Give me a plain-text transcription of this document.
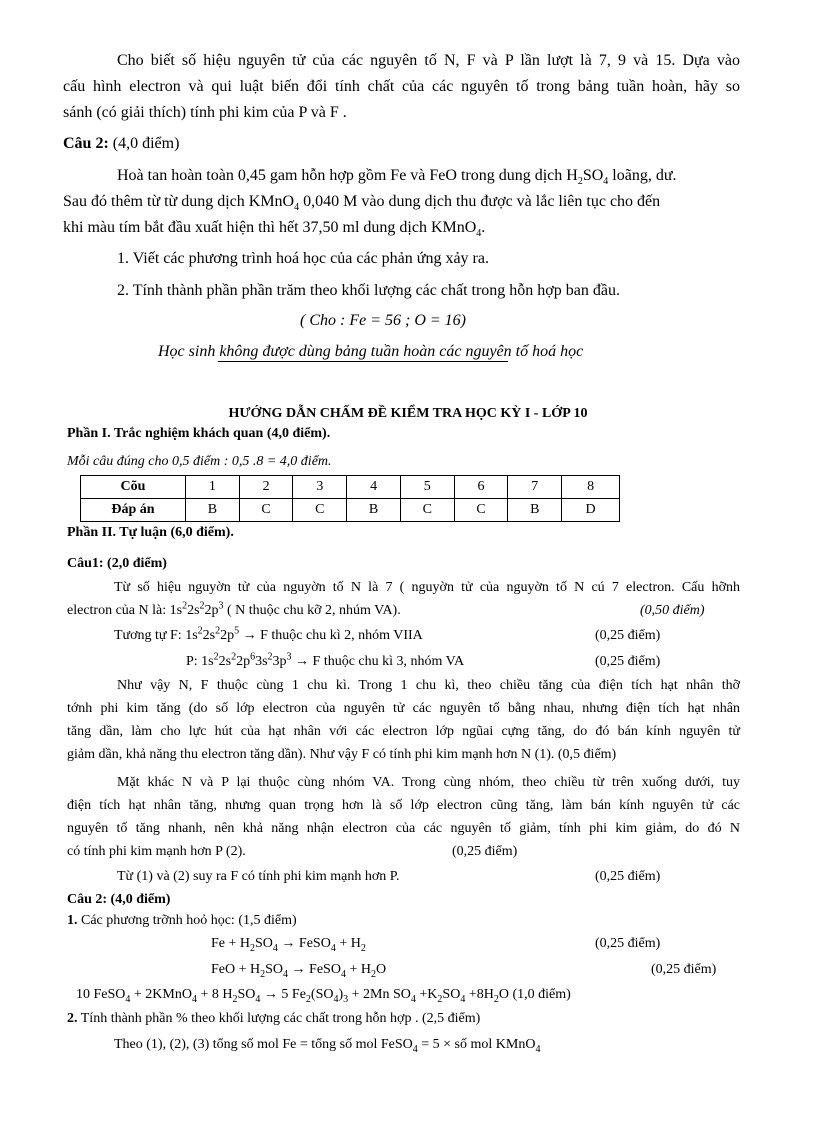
Cho biết số hiệu nguyên tử của các nguyên tố N, F và P lần lượt là 7, 9 và 15. Dựa vào
cấu hình electron và qui luật biến đổi tính chất của các nguyên tố trong bảng tuần hoàn, hãy so
sánh (có giải thích) tính phi kim của P và F .
Câu 2: (4,0 điểm)
Hoà tan hoàn toàn 0,45 gam hỗn hợp gồm Fe và FeO trong dung dịch $H_2SO_4$ loãng, dư.
Sau đó thêm từ từ dung dịch KMnO$_4$ 0,040 M vào dung dịch thu được và lắc liên tục cho đến
khi màu tím bắt đầu xuất hiện thì hết 37,50 ml dung dịch KMnO$_4$.
1. Viết các phương trình hoá học của các phản ứng xảy ra.
2. Tính thành phần phần trăm theo khối lượng các chất trong hỗn hợp ban đầu.
( Cho : Fe = 56 ; O = 16)
Học sinh không được dùng bảng tuần hoàn các nguyên tố hoá học
HƯỚNG DẪN CHẤM ĐỀ KIỂM TRA HỌC KỲ I - LỚP 10
Phần I. Trắc nghiệm khách quan (4,0 điểm).
Mỗi câu đúng cho 0,5 điểm : 0,5 .8 = 4,0 điểm.
Cõu	1	2	3	4	5	6	7	8
Đáp án	B	C	C	B	C	C	B	D
Phần II. Tự luận (6,0 điểm).
Câu1: (2,0 điểm)
Từ số hiệu nguyờn tử của nguyờn tố N là 7 ( nguyờn tử của nguyờn tố N cú 7 electron. Cấu hỡnh
electron của N là: $1s^22s^22p^3$ ( N thuộc chu kỡ 2, nhúm VA).	(0,50 điểm)
Tương tự F: $1s^22s^22p^5 \to F$ thuộc chu kì 2, nhóm VIIA	(0,25 điểm)
P: $1s^22s^22p^63s^23p^3 \to F$ thuộc chu kì 3, nhóm VA	(0,25 điểm)
Như vậy N, F thuộc cùng 1 chu kì. Trong 1 chu kì, theo chiều tăng của điện tích hạt nhân thỡ
tớnh phi kim tăng (do số lớp electron của nguyên tử các nguyên tố bằng nhau, nhưng điện tích hạt nhân
tăng dần, làm cho lực hút của hạt nhân với các electron lớp ngũai cựng tăng, do đó bán kính nguyên tử
giảm dần, khả năng thu electron tăng dần). Như vậy F có tính phi kim mạnh hơn N (1). (0,5 điểm)
Mặt khác N và P lại thuộc cùng nhóm VA. Trong cùng nhóm, theo chiều từ trên xuống dưới, tuy
điện tích hạt nhân tăng, nhưng quan trọng hơn là số lớp electron cũng tăng, làm bán kính nguyên tử các
nguyên tố tăng nhanh, nên khả năng nhận electron của các nguyên tố giảm, tính phi kim giảm, do đó N
có tính phi kim mạnh hơn P (2).	(0,25 điểm)
Từ (1) và (2) suy ra F có tính phi kim mạnh hơn P.	(0,25 điểm)
Câu 2: (4,0 điểm)
1. Các phương trỡnh hoỏ học: (1,5 điểm)
$Fe + H_2SO_4$ → FeSO$_4$ + $H_2$	(0,25 điểm)
FeO + $H_2SO_4$ → FeSO$_4$ + $H_2O$	(0,25 điểm)
10 FeSO$_4$ + 2KMnO$_4$ + 8 $H_2SO_4 \to 5$ $Fe_2(SO_4)_3 + 2Mn$ $SO_4 +K_2SO_4 +8H_2O$ (1,0 điểm)
2. Tính thành phần % theo khối lượng các chất trong hỗn hợp . (2,5 điểm)
Theo (1), (2), (3) tổng số mol Fe = tổng số mol FeSO$_4$ = 5 × số mol KMnO$_4$
